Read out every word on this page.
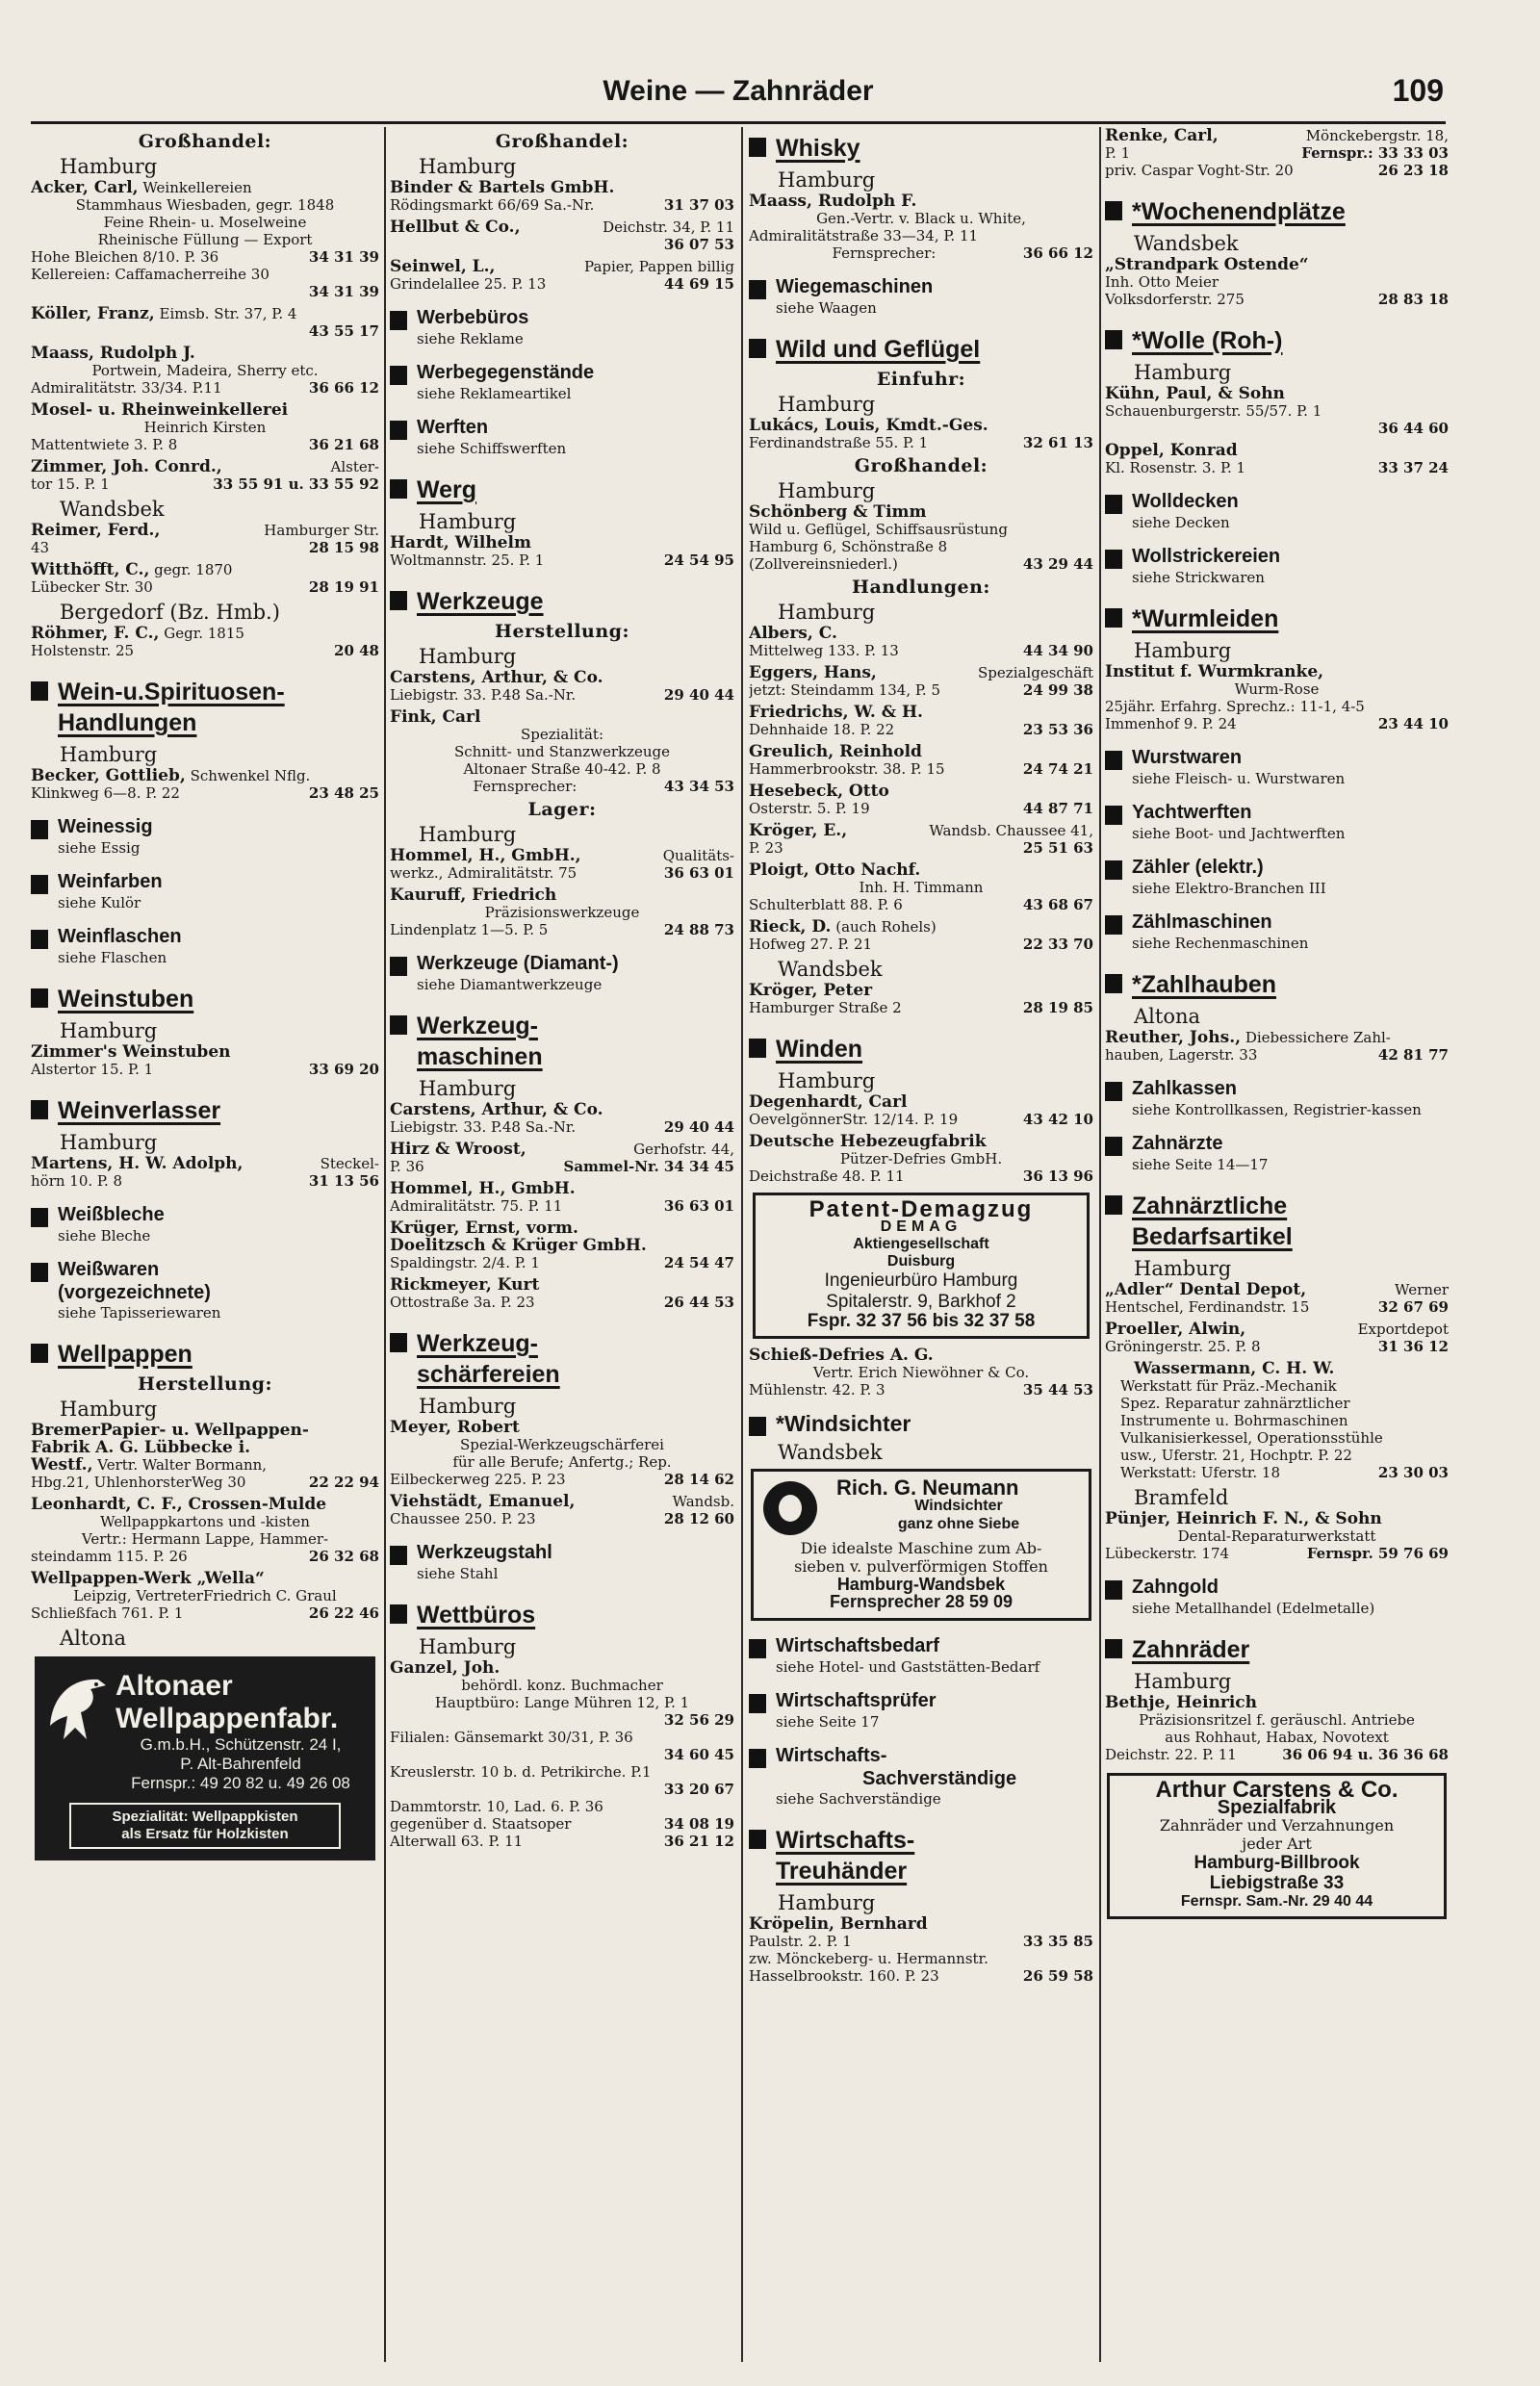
Weine — Zahnräder	109
Großhandel:
Hamburg
Acker, Carl, Weinkellereien
Stammhaus Wiesbaden, gegr. 1848
Feine Rhein- u. Moselweine
Rheinische Füllung — Export
Hohe Bleichen 8/10. P. 36	34 31 39
Kellereien: Caffamacherreihe 30
34 31 39
Köller, Franz, Eimsb. Str. 37, P. 4
43 55 17
Maass, Rudolph J.
Portwein, Madeira, Sherry etc.
Admiralitätstr. 33/34. P.11	36 66 12
Mosel- u. Rheinweinkellerei
Heinrich Kirsten
Mattentwiete 3. P. 8	36 21 68
Zimmer, Joh. Conrd.,	Alster-
tor 15. P. 1	33 55 91 u. 33 55 92
Wandsbek
Reimer, Ferd.,	Hamburger Str.
43	28 15 98
Witthöfft, C., gegr. 1870
Lübecker Str. 30	28 19 91
Bergedorf (Bz. Hmb.)
Röhmer, F. C., Gegr. 1815
Holstenstr. 25	20 48
Wein-u.Spirituosen-
Handlungen
Hamburg
Becker, Gottlieb, Schwenkel Nflg.
Klinkweg 6—8. P. 22	23 48 25
Weinessig
siehe Essig
Weinfarben
siehe Kulör
Weinflaschen
siehe Flaschen
Weinstuben
Hamburg
Zimmer's Weinstuben
Alstertor 15. P. 1	33 69 20
Weinverlasser
Hamburg
Martens, H. W. Adolph,	Steckel-
hörn 10. P. 8	31 13 56
Weißbleche
siehe Bleche
Weißwaren
(vorgezeichnete)
siehe Tapisseriewaren
Wellpappen
Herstellung:
Hamburg
BremerPapier- u. Wellpappen-
Fabrik A. G. Lübbecke i.
Westf., Vertr. Walter Bormann,
Hbg.21, UhlenhorsterWeg 30	22 22 94
Leonhardt, C. F., Crossen-Mulde
Wellpappkartons und -kisten
Vertr.: Hermann Lappe, Hammer-
steindamm 115. P. 26	26 32 68
Wellpappen-Werk „Wella“
Leipzig, VertreterFriedrich C. Graul
Schließfach 761. P. 1	26 22 46
Altona
Altonaer
Wellpappenfabr.
G.m.b.H., Schützenstr. 24 I,
P. Alt-Bahrenfeld
Fernspr.: 49 20 82 u. 49 26 08
Spezialität: Wellpappkisten
als Ersatz für Holzkisten
Großhandel:
Hamburg
Binder & Bartels GmbH.
Rödingsmarkt 66/69 Sa.-Nr.	31 37 03
Hellbut & Co.,	Deichstr. 34, P. 11
36 07 53
Seinwel, L.,	Papier, Pappen billig
Grindelallee 25. P. 13	44 69 15
Werbebüros
siehe Reklame
Werbegegenstände
siehe Reklameartikel
Werften
siehe Schiffswerften
Werg
Hamburg
Hardt, Wilhelm
Woltmannstr. 25. P. 1	24 54 95
Werkzeuge
Herstellung:
Hamburg
Carstens, Arthur, & Co.
Liebigstr. 33. P.48 Sa.-Nr.	29 40 44
Fink, Carl
Spezialität:
Schnitt- und Stanzwerkzeuge
Altonaer Straße 40-42. P. 8
Fernsprecher:	43 34 53
Lager:
Hamburg
Hommel, H., GmbH.,	Qualitäts-
werkz., Admiralitätstr. 75	36 63 01
Kauruff, Friedrich
Präzisionswerkzeuge
Lindenplatz 1—5. P. 5	24 88 73
Werkzeuge (Diamant-)
siehe Diamantwerkzeuge
Werkzeug-
maschinen
Hamburg
Carstens, Arthur, & Co.
Liebigstr. 33. P.48 Sa.-Nr.	29 40 44
Hirz & Wroost,	Gerhofstr. 44,
P. 36	Sammel-Nr. 34 34 45
Hommel, H., GmbH.
Admiralitätstr. 75. P. 11	36 63 01
Krüger, Ernst, vorm.
Doelitzsch & Krüger GmbH.
Spaldingstr. 2/4. P. 1	24 54 47
Rickmeyer, Kurt
Ottostraße 3a. P. 23	26 44 53
Werkzeug-
schärfereien
Hamburg
Meyer, Robert
Spezial-Werkzeugschärferei
für alle Berufe; Anfertg.; Rep.
Eilbeckerweg 225. P. 23	28 14 62
Viehstädt, Emanuel,	Wandsb.
Chaussee 250. P. 23	28 12 60
Werkzeugstahl
siehe Stahl
Wettbüros
Hamburg
Ganzel, Joh.
behördl. konz. Buchmacher
Hauptbüro: Lange Mühren 12, P. 1
32 56 29
Filialen: Gänsemarkt 30/31, P. 36
34 60 45
Kreuslerstr. 10 b. d. Petrikirche. P.1
33 20 67
Dammtorstr. 10, Lad. 6. P. 36
gegenüber d. Staatsoper	34 08 19
Alterwall 63. P. 11	36 21 12
Whisky
Hamburg
Maass, Rudolph F.
Gen.-Vertr. v. Black u. White,
Admiralitätstraße 33—34, P. 11
Fernsprecher:	36 66 12
Wiegemaschinen
siehe Waagen
Wild und Geflügel
Einfuhr:
Hamburg
Lukács, Louis, Kmdt.-Ges.
Ferdinandstraße 55. P. 1	32 61 13
Großhandel:
Hamburg
Schönberg & Timm
Wild u. Geflügel, Schiffsausrüstung
Hamburg 6, Schönstraße 8
(Zollvereinsniederl.)	43 29 44
Handlungen:
Hamburg
Albers, C.
Mittelweg 133. P. 13	44 34 90
Eggers, Hans,	Spezialgeschäft
jetzt: Steindamm 134, P. 5	24 99 38
Friedrichs, W. & H.
Dehnhaide 18. P. 22	23 53 36
Greulich, Reinhold
Hammerbrookstr. 38. P. 15	24 74 21
Hesebeck, Otto
Osterstr. 5. P. 19	44 87 71
Kröger, E.,	Wandsb. Chaussee 41,
P. 23	25 51 63
Ploigt, Otto Nachf.
Inh. H. Timmann
Schulterblatt 88. P. 6	43 68 67
Rieck, D. (auch Rohels)
Hofweg 27. P. 21	22 33 70
Wandsbek
Kröger, Peter
Hamburger Straße 2	28 19 85
Winden
Hamburg
Degenhardt, Carl
OevelgönnerStr. 12/14. P. 19	43 42 10
Deutsche Hebezeugfabrik
Pützer-Defries GmbH.
Deichstraße 48. P. 11	36 13 96
Patent-Demagzug
DEMAG
Aktiengesellschaft
Duisburg
Ingenieurbüro Hamburg
Spitalerstr. 9, Barkhof 2
Fspr. 32 37 56 bis 32 37 58
Schieß-Defries A. G.
Vertr. Erich Niewöhner & Co.
Mühlenstr. 42. P. 3	35 44 53
*Windsichter
Wandsbek
Rich. G. Neumann
Windsichter
ganz ohne Siebe
Die idealste Maschine zum Ab-
sieben v. pulverförmigen Stoffen
Hamburg-Wandsbek
Fernsprecher 28 59 09
Wirtschaftsbedarf
siehe Hotel- und Gaststätten-Bedarf
Wirtschaftsprüfer
siehe Seite 17
Wirtschafts-
Sachverständige
siehe Sachverständige
Wirtschafts-
Treuhänder
Hamburg
Kröpelin, Bernhard
Paulstr. 2. P. 1	33 35 85
zw. Mönckeberg- u. Hermannstr.
Hasselbrookstr. 160. P. 23	26 59 58
Renke, Carl,	Mönckebergstr. 18,
P. 1	Fernspr.: 33 33 03
priv. Caspar Voght-Str. 20	26 23 18
*Wochenendplätze
Wandsbek
„Strandpark Ostende“
Inh. Otto Meier
Volksdorferstr. 275	28 83 18
*Wolle (Roh-)
Hamburg
Kühn, Paul, & Sohn
Schauenburgerstr. 55/57. P. 1
36 44 60
Oppel, Konrad
Kl. Rosenstr. 3. P. 1	33 37 24
Wolldecken
siehe Decken
Wollstrickereien
siehe Strickwaren
*Wurmleiden
Hamburg
Institut f. Wurmkranke,
Wurm-Rose
25jähr. Erfahrg. Sprechz.: 11-1, 4-5
Immenhof 9. P. 24	23 44 10
Wurstwaren
siehe Fleisch- u. Wurstwaren
Yachtwerften
siehe Boot- und Jachtwerften
Zähler (elektr.)
siehe Elektro-Branchen III
Zählmaschinen
siehe Rechenmaschinen
*Zahlhauben
Altona
Reuther, Johs., Diebessichere Zahl-
hauben, Lagerstr. 33	42 81 77
Zahlkassen
siehe Kontrollkassen, Registrier-kassen
Zahnärzte
siehe Seite 14—17
Zahnärztliche
Bedarfsartikel
Hamburg
„Adler“ Dental Depot,	Werner
Hentschel, Ferdinandstr. 15	32 67 69
Proeller, Alwin,	Exportdepot
Gröningerstr. 25. P. 8	31 36 12
Wassermann, C. H. W.
Werkstatt für Präz.-Mechanik
Spez. Reparatur zahnärztlicher
Instrumente u. Bohrmaschinen
Vulkanisierkessel, Operationsstühle
usw., Uferstr. 21, Hochptr. P. 22
Werkstatt: Uferstr. 18	23 30 03
Bramfeld
Pünjer, Heinrich F. N., & Sohn
Dental-Reparaturwerkstatt
Lübeckerstr. 174	Fernspr. 59 76 69
Zahngold
siehe Metallhandel (Edelmetalle)
Zahnräder
Hamburg
Bethje, Heinrich
Präzisionsritzel f. geräuschl. Antriebe
aus Rohhaut, Habax, Novotext
Deichstr. 22. P. 11	36 06 94 u. 36 36 68
Arthur Carstens & Co.
Spezialfabrik
Zahnräder und Verzahnungen
jeder Art
Hamburg-Billbrook
Liebigstraße 33
Fernspr. Sam.-Nr. 29 40 44
